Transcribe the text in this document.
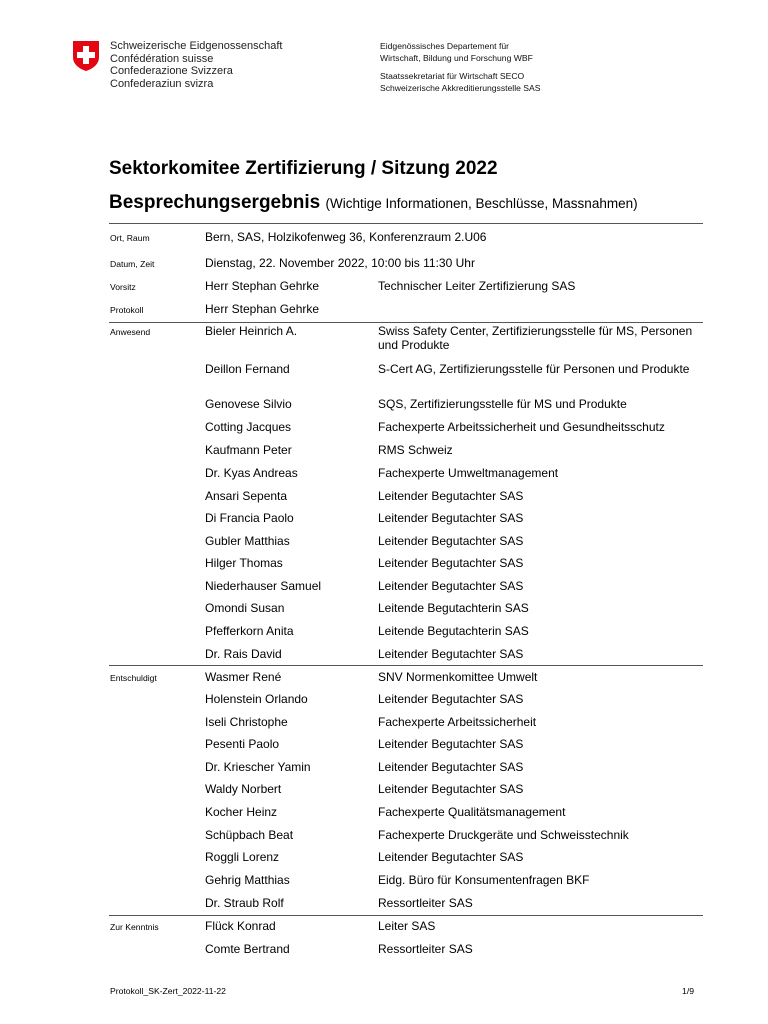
Schweizerische Eidgenossenschaft
Confédération suisse
Confederazione Svizzera
Confederaziun svizra
Eidgenössisches Departement für
Wirtschaft, Bildung und Forschung WBF
Staatssekretariat für Wirtschaft SECO
Schweizerische Akkreditierungsstelle SAS
Sektorkomitee Zertifizierung / Sitzung 2022
Besprechungsergebnis (Wichtige Informationen, Beschlüsse, Massnahmen)
Ort, Raum	Bern, SAS, Holzikofenweg 36, Konferenzraum 2.U06
Datum, Zeit	Dienstag, 22. November 2022, 10:00 bis 11:30 Uhr
Vorsitz	Herr Stephan Gehrke	Technischer Leiter Zertifizierung SAS
Protokoll	Herr Stephan Gehrke
Anwesend	Bieler Heinrich A.	Swiss Safety Center, Zertifizierungsstelle für MS, Personen und Produkte
Deillon Fernand	S-Cert AG, Zertifizierungsstelle für Personen und Produkte
Genovese Silvio	SQS, Zertifizierungsstelle für MS und Produkte
Cotting Jacques	Fachexperte Arbeitssicherheit und Gesundheitsschutz
Kaufmann Peter	RMS Schweiz
Dr. Kyas Andreas	Fachexperte Umweltmanagement
Ansari Sepenta	Leitender Begutachter SAS
Di Francia Paolo	Leitender Begutachter SAS
Gubler Matthias	Leitender Begutachter SAS
Hilger Thomas	Leitender Begutachter SAS
Niederhauser Samuel	Leitender Begutachter SAS
Omondi Susan	Leitende Begutachterin SAS
Pfefferkorn Anita	Leitende Begutachterin SAS
Dr. Rais David	Leitender Begutachter SAS
Entschuldigt	Wasmer René	SNV Normenkomittee Umwelt
Holenstein Orlando	Leitender Begutachter SAS
Iseli Christophe	Fachexperte Arbeitssicherheit
Pesenti Paolo	Leitender Begutachter SAS
Dr. Kriescher Yamin	Leitender Begutachter SAS
Waldy Norbert	Leitender Begutachter SAS
Kocher Heinz	Fachexperte Qualitätsmanagement
Schüpbach Beat	Fachexperte Druckgeräte und Schweisstechnik
Roggli Lorenz	Leitender Begutachter SAS
Gehrig Matthias	Eidg. Büro für Konsumentenfragen BKF
Dr. Straub Rolf	Ressortleiter SAS
Zur Kenntnis	Flück Konrad	Leiter SAS
Comte Bertrand	Ressortleiter SAS
Protokoll_SK-Zert_2022-11-22	1/9
